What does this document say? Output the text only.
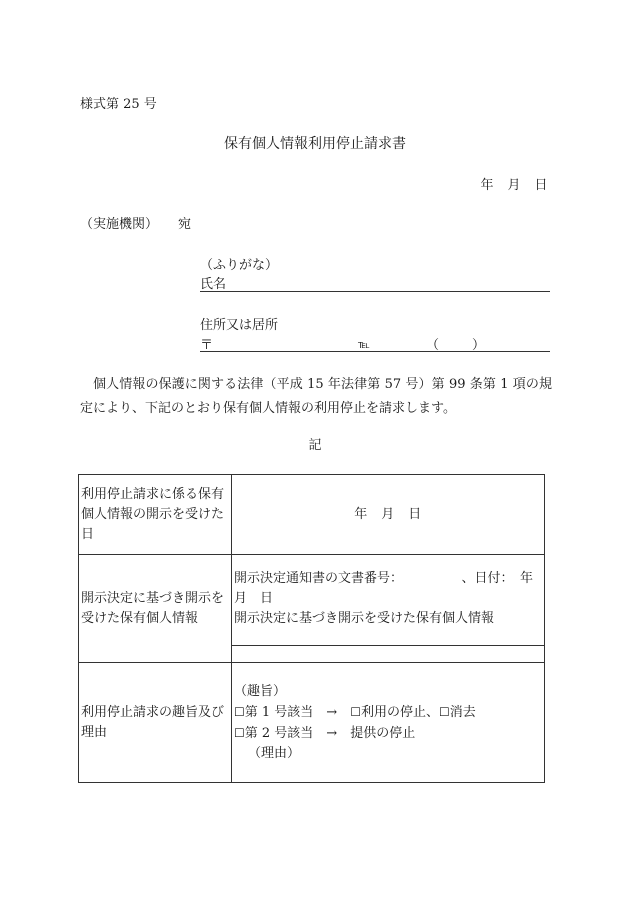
様式第 25 号
保有個人情報利用停止請求書
年　月　日
（実施機関） 宛
（ふりがな）
氏名
住所又は居所
〒	℡	（	）
個人情報の保護に関する法律（平成 15 年法律第 57 号）第 99 条第 1 項の規定により、下記のとおり保有個人情報の利用停止を請求します。
記
利用停止請求に係る保有個人情報の開示を受けた日	年　月　日
開示決定に基づき開示を受けた保有個人情報	開示決定通知書の文書番号：　　　　　、日付：　年　月　日
開示決定に基づき開示を受けた保有個人情報

利用停止請求の趣旨及び理由	（趣旨）
☐第 1 号該当　→　☐利用の停止、☐消去
☐第 2 号該当　→　提供の停止
（理由）
